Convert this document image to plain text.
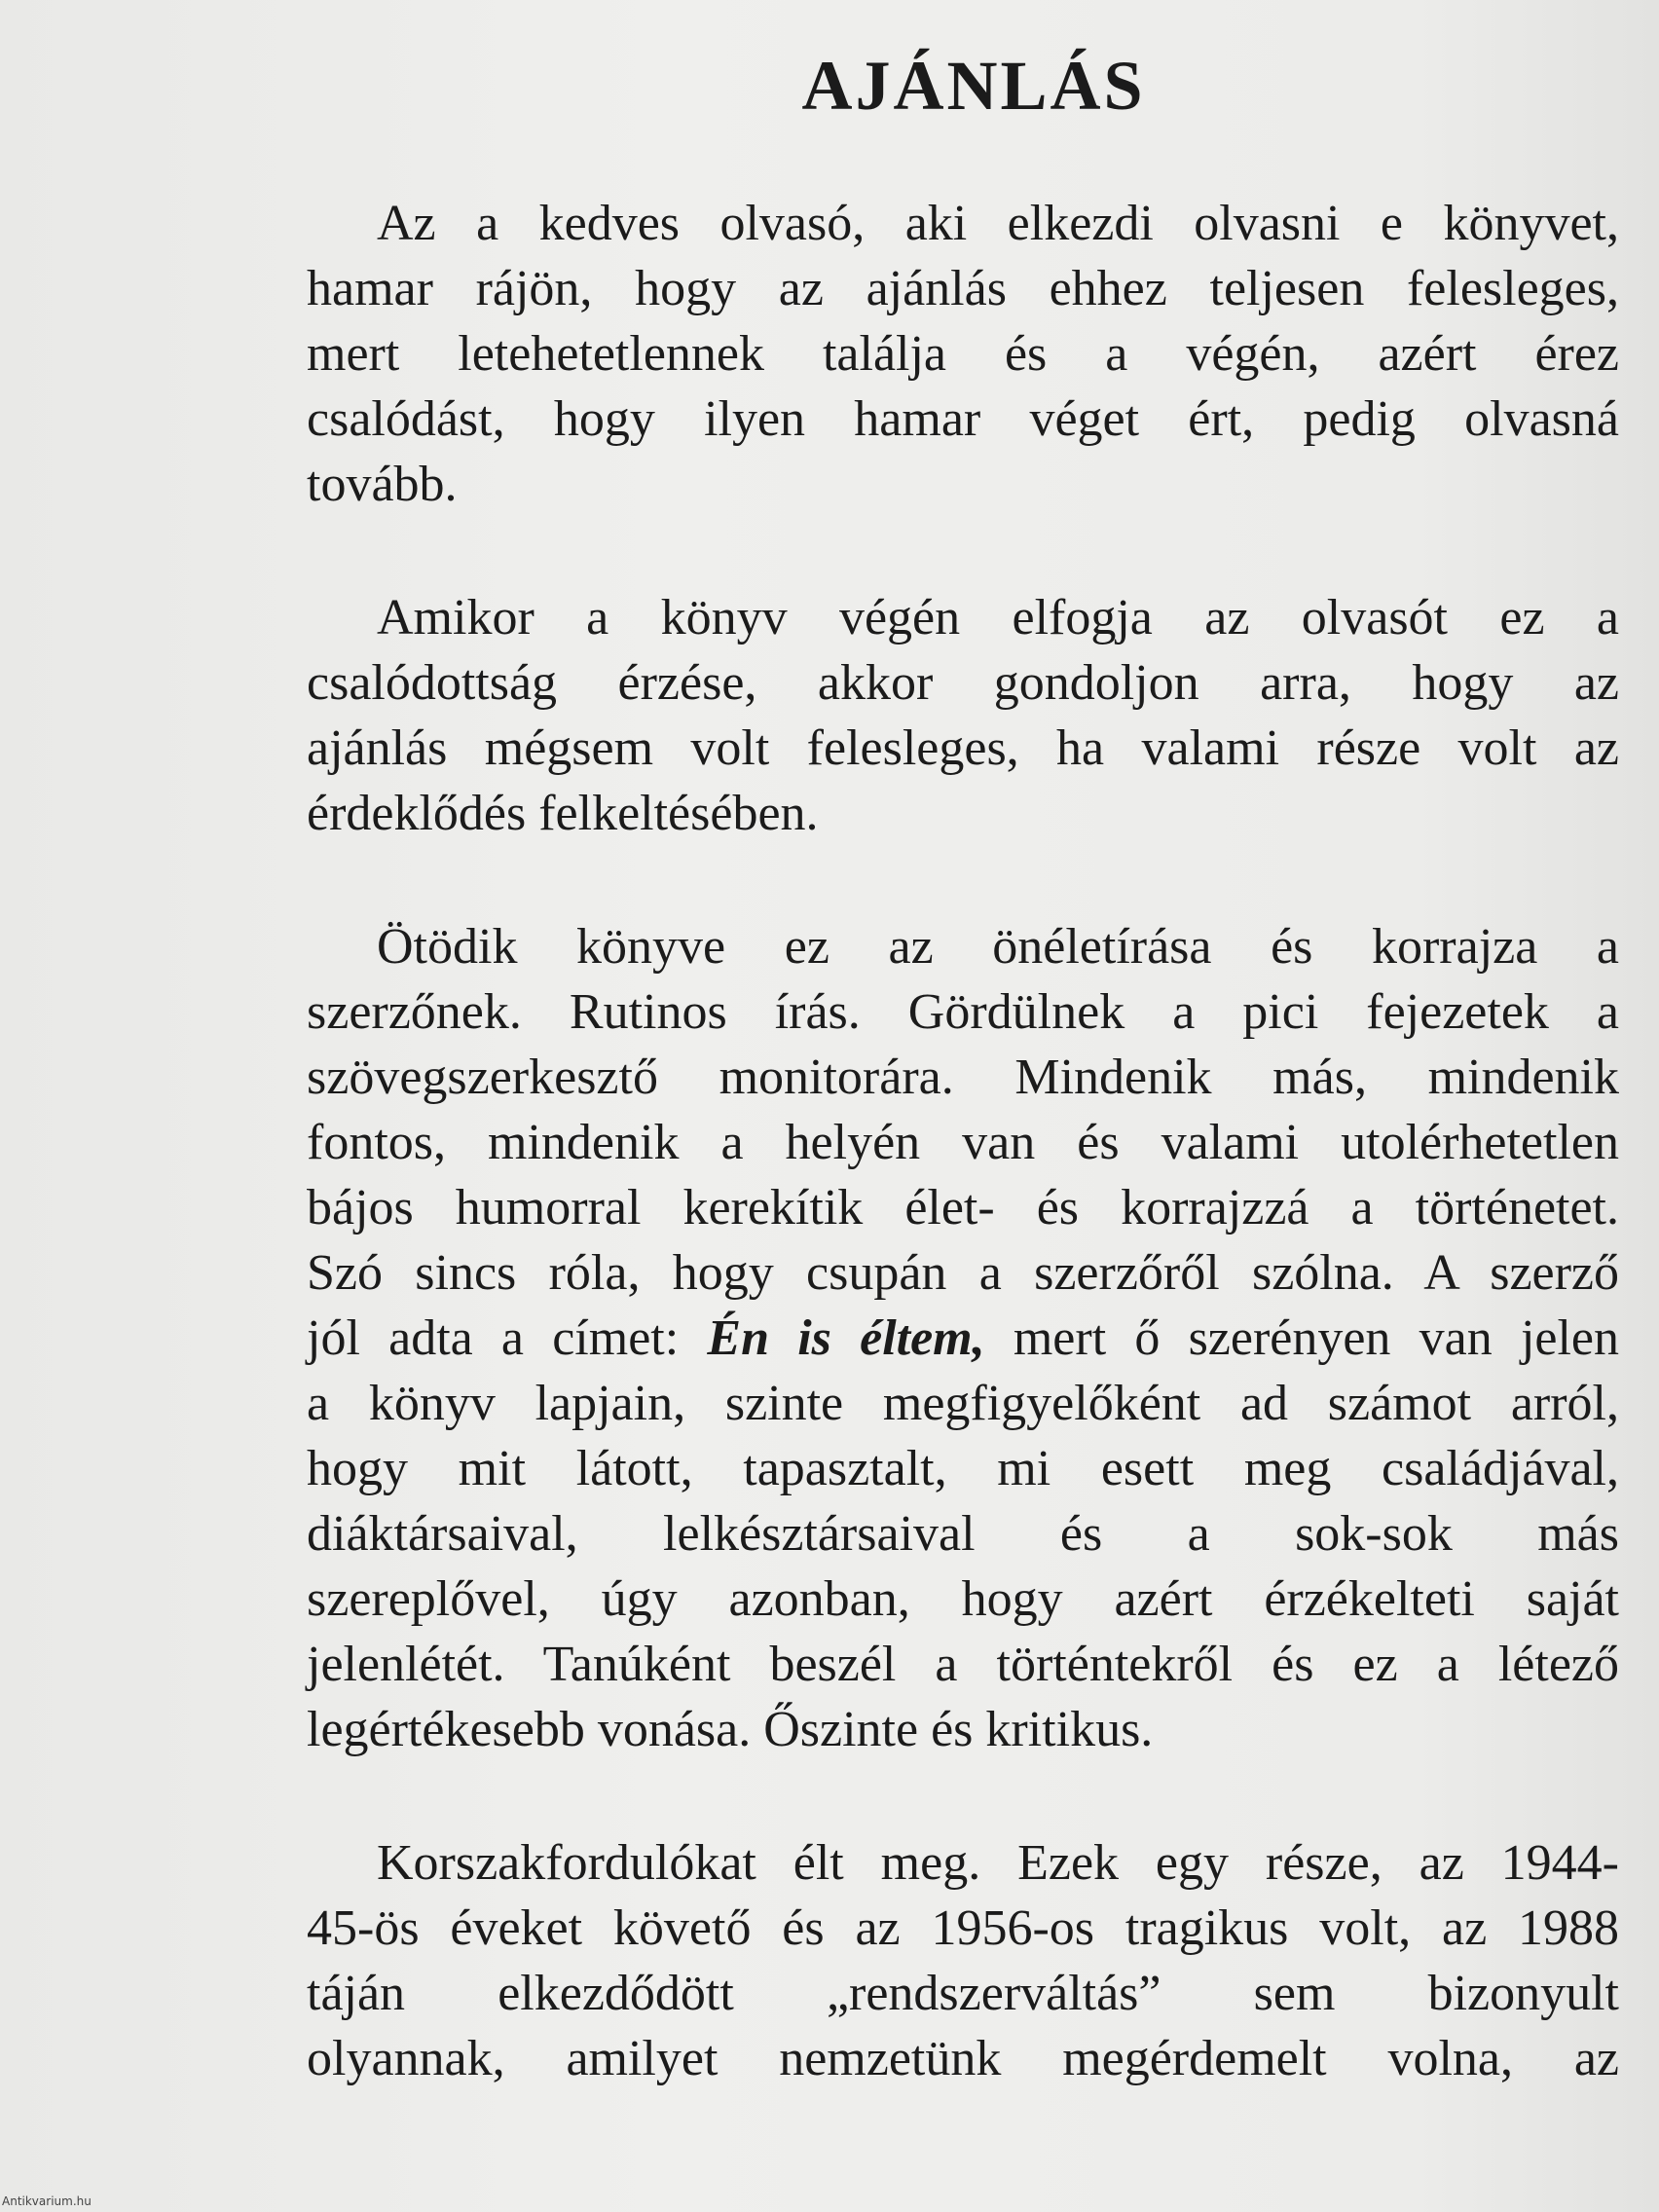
AJÁNLÁS

Az a kedves olvasó, aki elkezdi olvasni e könyvet,
hamar rájön, hogy az ajánlás ehhez teljesen felesleges,
mert letehetetlennek találja és a végén, azért érez
csalódást, hogy ilyen hamar véget ért, pedig olvasná
tovább.

Amikor a könyv végén elfogja az olvasót ez a
csalódottság érzése, akkor gondoljon arra, hogy az
ajánlás mégsem volt felesleges, ha valami része volt az
érdeklődés felkeltésében.

Ötödik könyve ez az önéletírása és korrajza a
szerzőnek. Rutinos írás. Gördülnek a pici fejezetek a
szövegszerkesztő monitorára. Mindenik más, mindenik
fontos, mindenik a helyén van és valami utolérhetetlen
bájos humorral kerekítik élet- és korrajzzá a történetet.
Szó sincs róla, hogy csupán a szerzőről szólna. A szerző
jól adta a címet: Én is éltem, mert ő szerényen van jelen
a könyv lapjain, szinte megfigyelőként ad számot arról,
hogy mit látott, tapasztalt, mi esett meg családjával,
diáktársaival, lelkésztársaival és a sok-sok más
szereplővel, úgy azonban, hogy azért érzékelteti saját
jelenlétét. Tanúként beszél a történtekről és ez a létező
legértékesebb vonása. Őszinte és kritikus.

Korszakfordulókat élt meg. Ezek egy része, az 1944-
45-ös éveket követő és az 1956-os tragikus volt, az 1988
táján elkezdődött „rendszerváltás” sem bizonyult
olyannak, amilyet nemzetünk megérdemelt volna, az

Antikvarium.hu
